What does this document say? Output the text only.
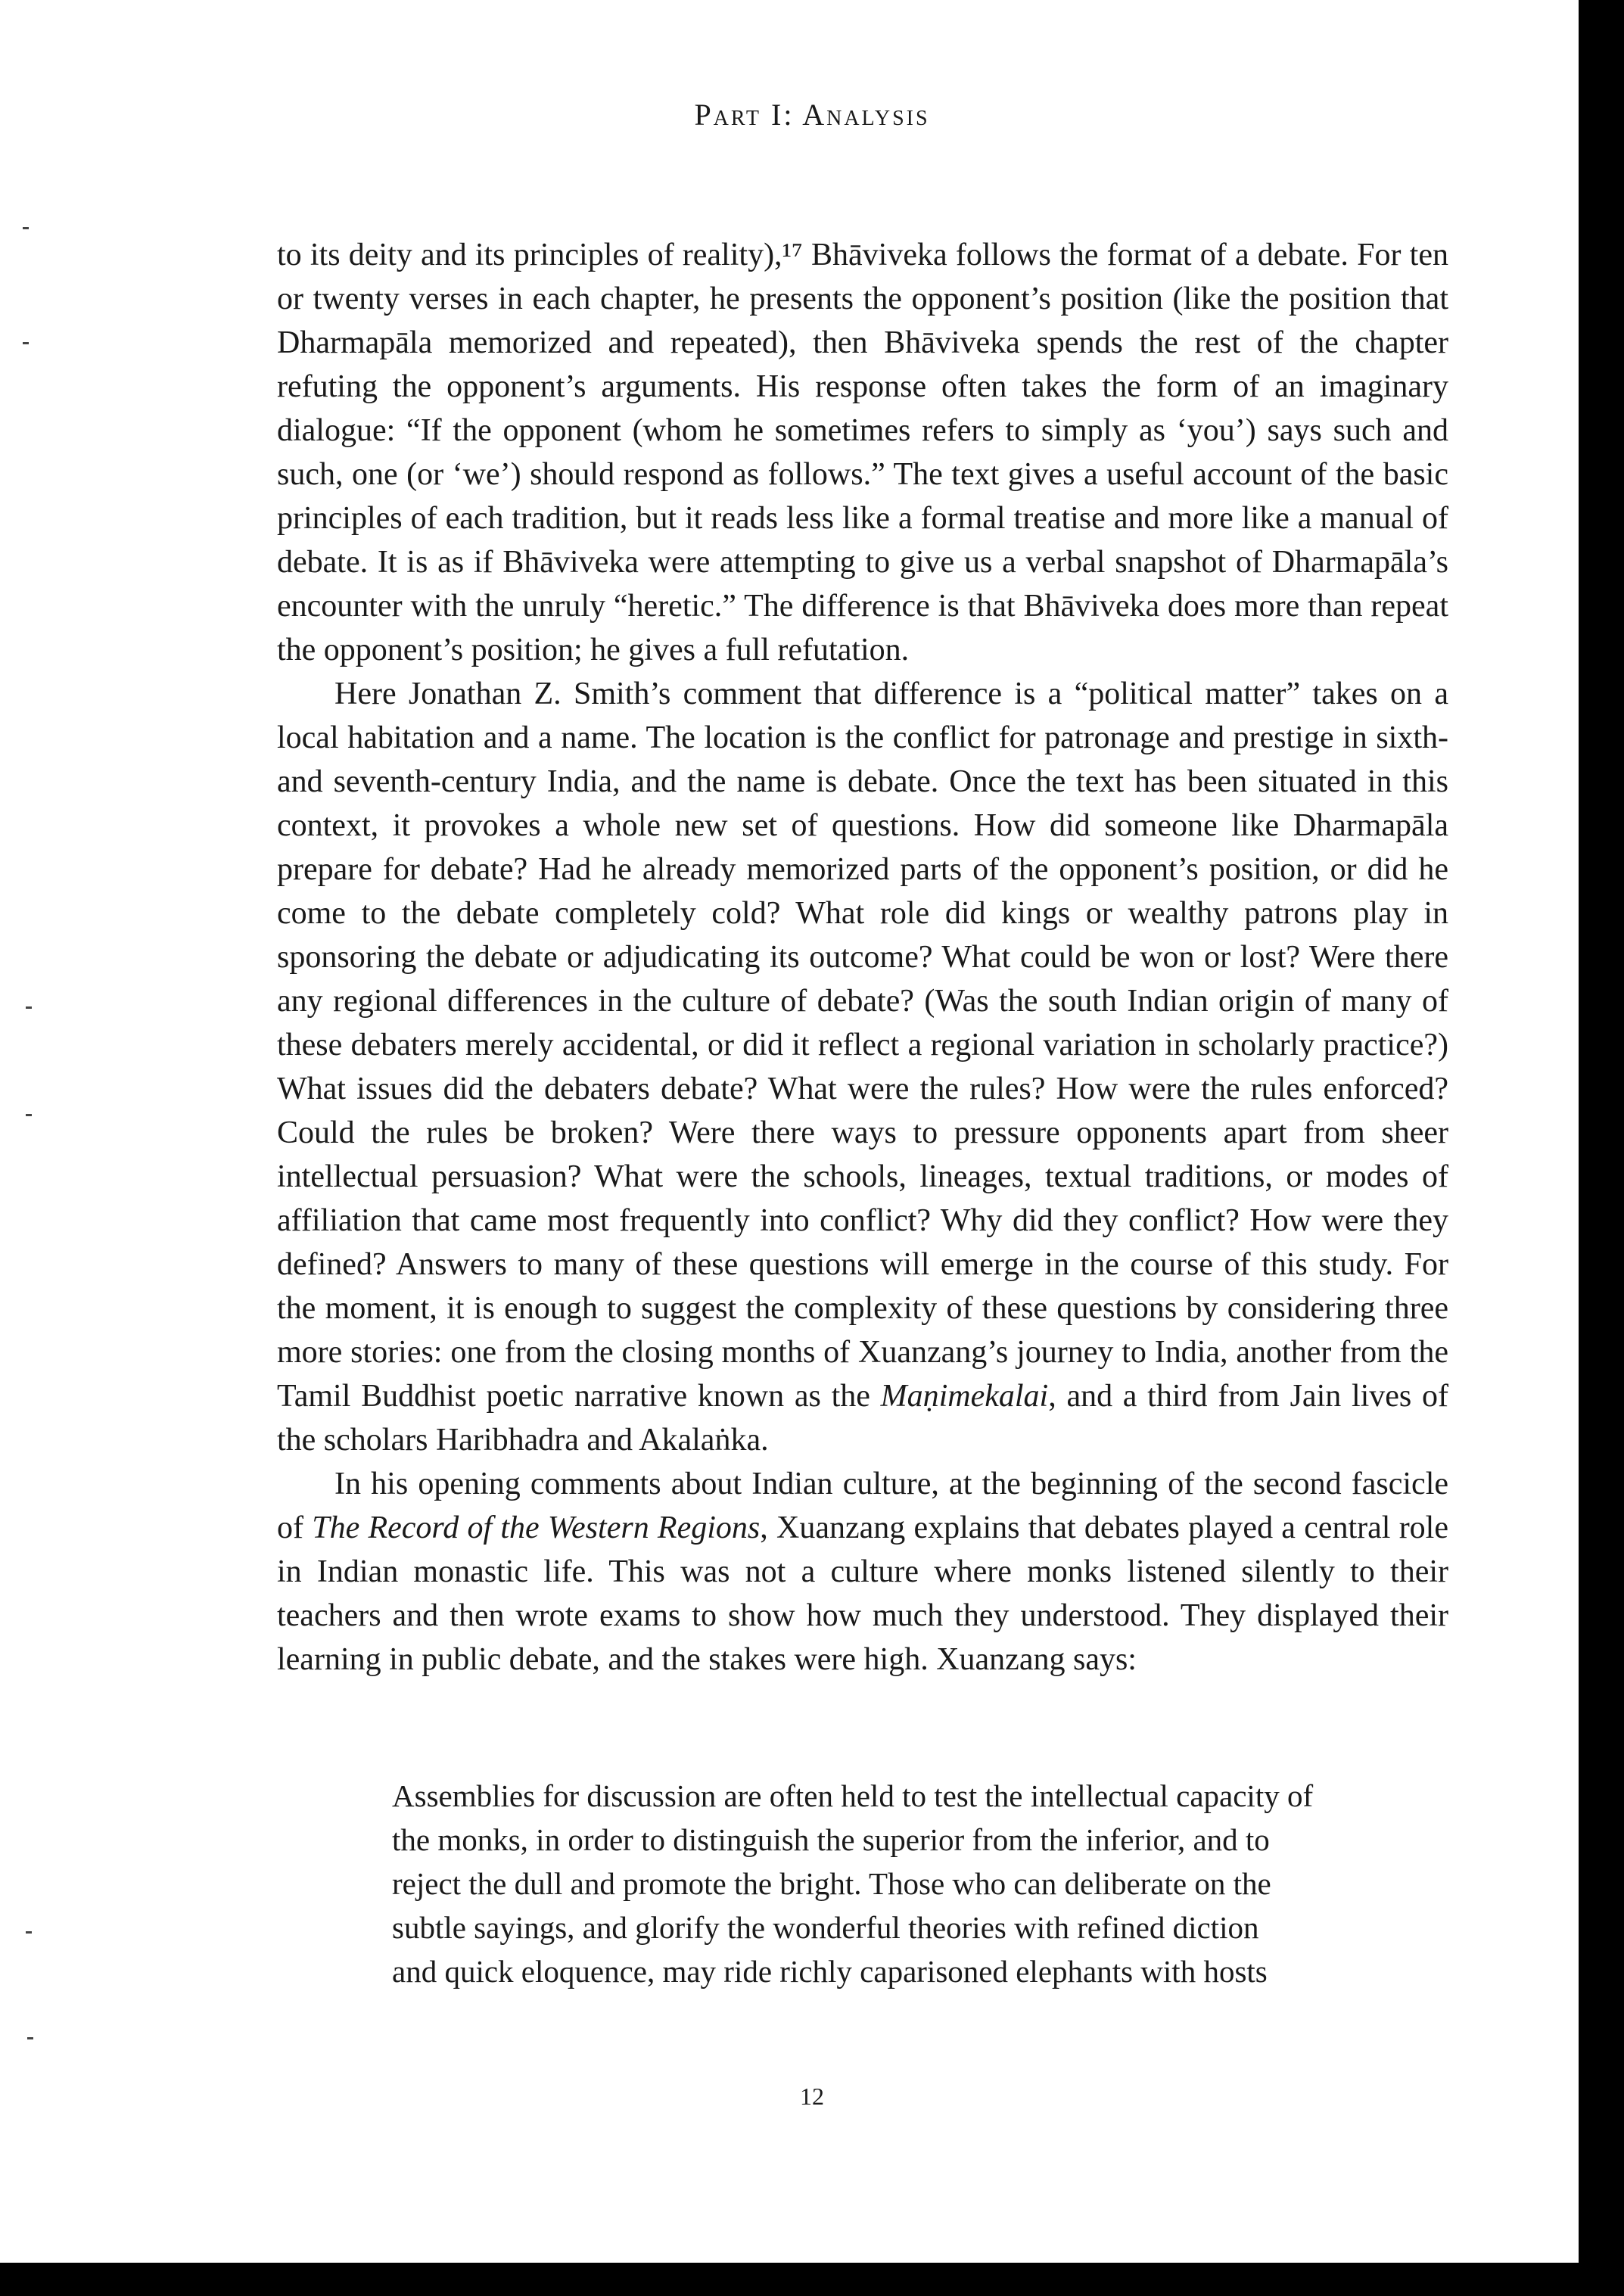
Part I: Analysis

to its deity and its principles of reality),¹⁷ Bhāviveka follows the format of a debate. For ten or twenty verses in each chapter, he presents the opponent’s position (like the position that Dharmapāla memorized and repeated), then Bhāviveka spends the rest of the chapter refuting the opponent’s arguments. His response often takes the form of an imaginary dialogue: “If the opponent (whom he sometimes refers to simply as ‘you’) says such and such, one (or ‘we’) should respond as follows.” The text gives a useful account of the basic principles of each tradition, but it reads less like a formal treatise and more like a manual of debate. It is as if Bhāviveka were attempting to give us a verbal snapshot of Dharmapāla’s encounter with the unruly “heretic.” The difference is that Bhāviveka does more than repeat the opponent’s position; he gives a full refutation.

Here Jonathan Z. Smith’s comment that difference is a “political matter” takes on a local habitation and a name. The location is the conflict for patronage and prestige in sixth- and seventh-century India, and the name is debate. Once the text has been situated in this context, it provokes a whole new set of questions. How did someone like Dharmapāla prepare for debate? Had he already memorized parts of the opponent’s position, or did he come to the debate completely cold? What role did kings or wealthy patrons play in sponsoring the debate or adjudicating its outcome? What could be won or lost? Were there any regional differences in the culture of debate? (Was the south Indian origin of many of these debaters merely accidental, or did it reflect a regional variation in scholarly practice?) What issues did the debaters debate? What were the rules? How were the rules enforced? Could the rules be broken? Were there ways to pressure opponents apart from sheer intellectual persuasion? What were the schools, lineages, textual traditions, or modes of affiliation that came most frequently into conflict? Why did they conflict? How were they defined? Answers to many of these questions will emerge in the course of this study. For the moment, it is enough to suggest the complexity of these questions by considering three more stories: one from the closing months of Xuanzang’s journey to India, another from the Tamil Buddhist poetic narrative known as the Maṇimekalai, and a third from Jain lives of the scholars Haribhadra and Akalaṅka.

In his opening comments about Indian culture, at the beginning of the second fascicle of The Record of the Western Regions, Xuanzang explains that debates played a central role in Indian monastic life. This was not a culture where monks listened silently to their teachers and then wrote exams to show how much they understood. They displayed their learning in public debate, and the stakes were high. Xuanzang says:

Assemblies for discussion are often held to test the intellectual capacity of

the monks, in order to distinguish the superior from the inferior, and to

reject the dull and promote the bright. Those who can deliberate on the

subtle sayings, and glorify the wonderful theories with refined diction

and quick eloquence, may ride richly caparisoned elephants with hosts

12
